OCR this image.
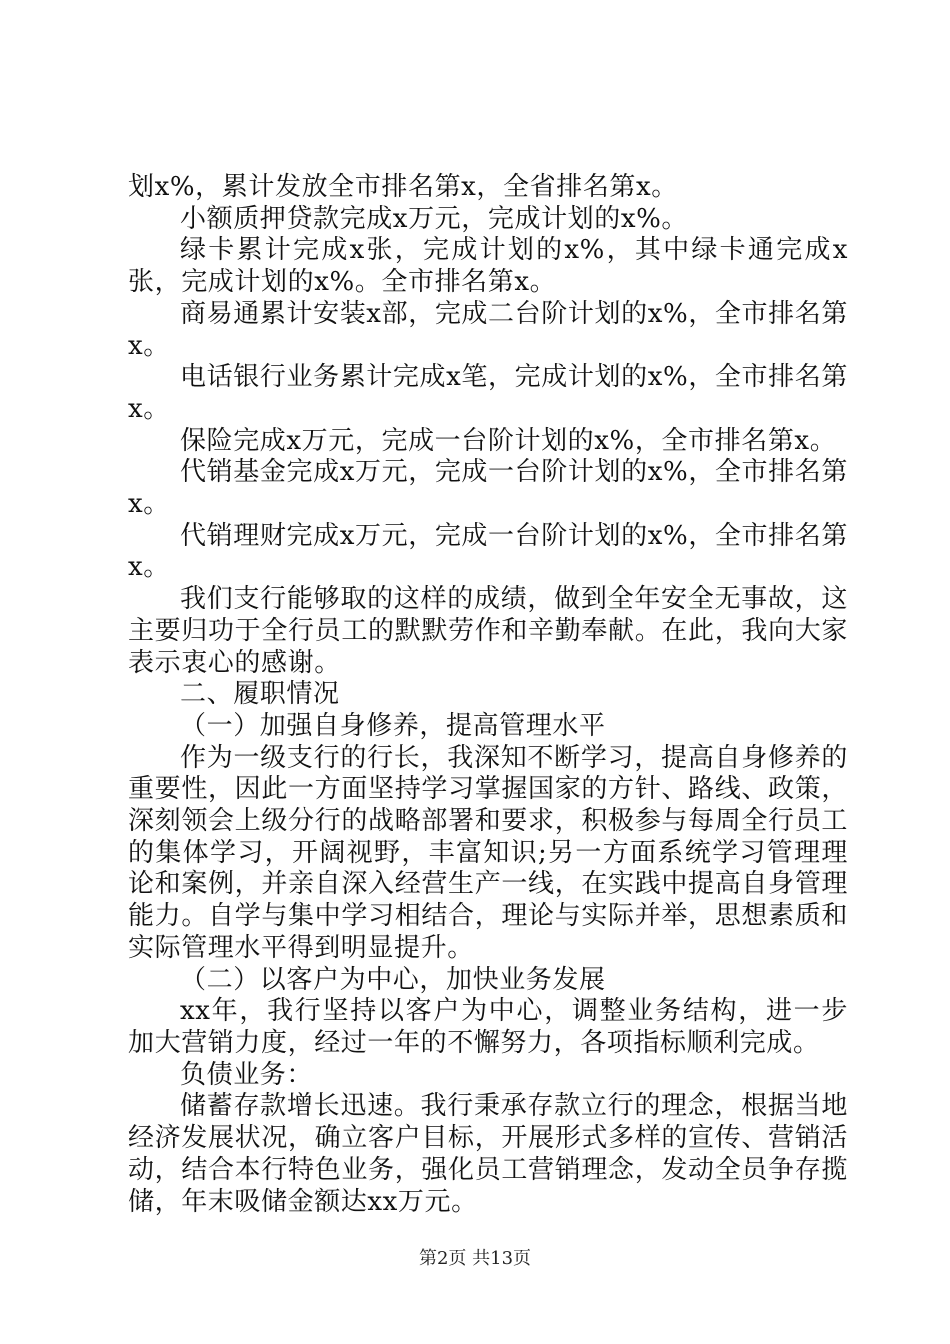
划x%，累计发放全市排名第x，全省排名第x。

小额质押贷款完成x万元，完成计划的x%。

绿卡累计完成x张，完成计划的x%，其中绿卡通完成x张，完成计划的x%。全市排名第x。

商易通累计安装x部，完成二台阶计划的x%，全市排名第x。

电话银行业务累计完成x笔，完成计划的x%，全市排名第x。

保险完成x万元，完成一台阶计划的x%，全市排名第x。

代销基金完成x万元，完成一台阶计划的x%，全市排名第x。

代销理财完成x万元，完成一台阶计划的x%，全市排名第x。

我们支行能够取的这样的成绩，做到全年安全无事故，这主要归功于全行员工的默默劳作和辛勤奉献。在此，我向大家表示衷心的感谢。

二、履职情况

（一）加强自身修养，提高管理水平

作为一级支行的行长，我深知不断学习，提高自身修养的重要性，因此一方面坚持学习掌握国家的方针、路线、政策，深刻领会上级分行的战略部署和要求，积极参与每周全行员工的集体学习，开阔视野，丰富知识;另一方面系统学习管理理论和案例，并亲自深入经营生产一线，在实践中提高自身管理能力。自学与集中学习相结合，理论与实际并举，思想素质和实际管理水平得到明显提升。

（二）以客户为中心，加快业务发展

xx年，我行坚持以客户为中心，调整业务结构，进一步加大营销力度，经过一年的不懈努力，各项指标顺利完成。

负债业务：

储蓄存款增长迅速。我行秉承存款立行的理念，根据当地经济发展状况，确立客户目标，开展形式多样的宣传、营销活动，结合本行特色业务，强化员工营销理念，发动全员争存揽储，年末吸储金额达xx万元。

第2页 共13页
